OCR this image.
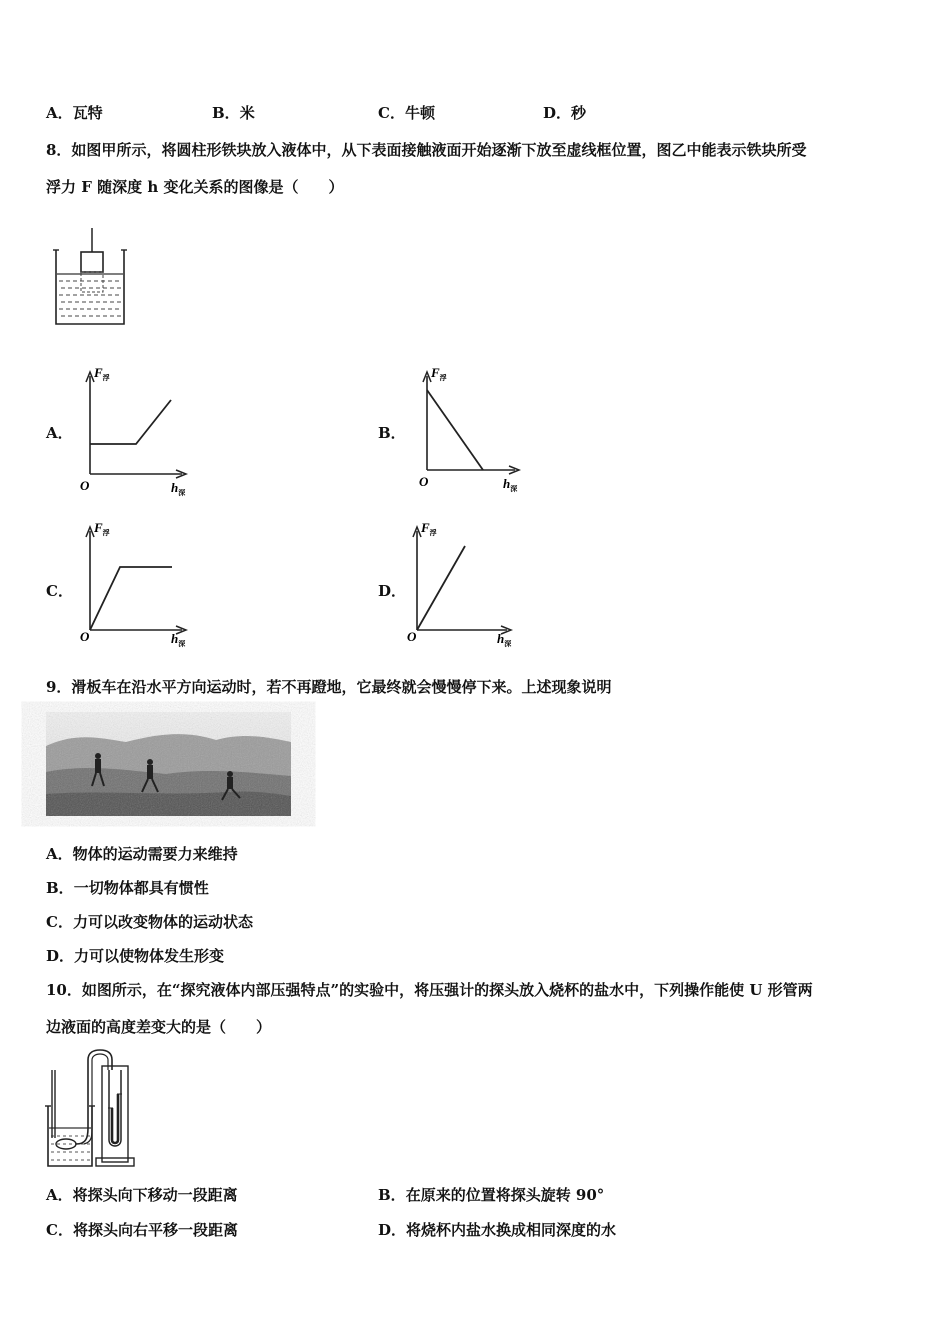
A．瓦特	B．米	C．牛顿	D．秒
8．如图甲所示，将圆柱形铁块放入液体中，从下表面接触液面开始逐渐下放至虚线框位置，图乙中能表示铁块所受
浮力 F 随深度 h 变化关系的图像是（　　）
A．
$F_浮$
O	$h_深$
B．
$F_浮$
O	$h_深$
C．
$F_浮$
O	$h_深$
D．
$F_浮$
O	$h_深$
9．滑板车在沿水平方向运动时，若不再蹬地，它最终就会慢慢停下来。上述现象说明
A．物体的运动需要力来维持
B．一切物体都具有惯性
C．力可以改变物体的运动状态
D．力可以使物体发生形变
10．如图所示，在“探究液体内部压强特点”的实验中，将压强计的探头放入烧杯的盐水中，下列操作能使 U 形管两
边液面的高度差变大的是（　　）
A．将探头向下移动一段距离	B．在原来的位置将探头旋转 90°
C．将探头向右平移一段距离	D．将烧杯内盐水换成相同深度的水
